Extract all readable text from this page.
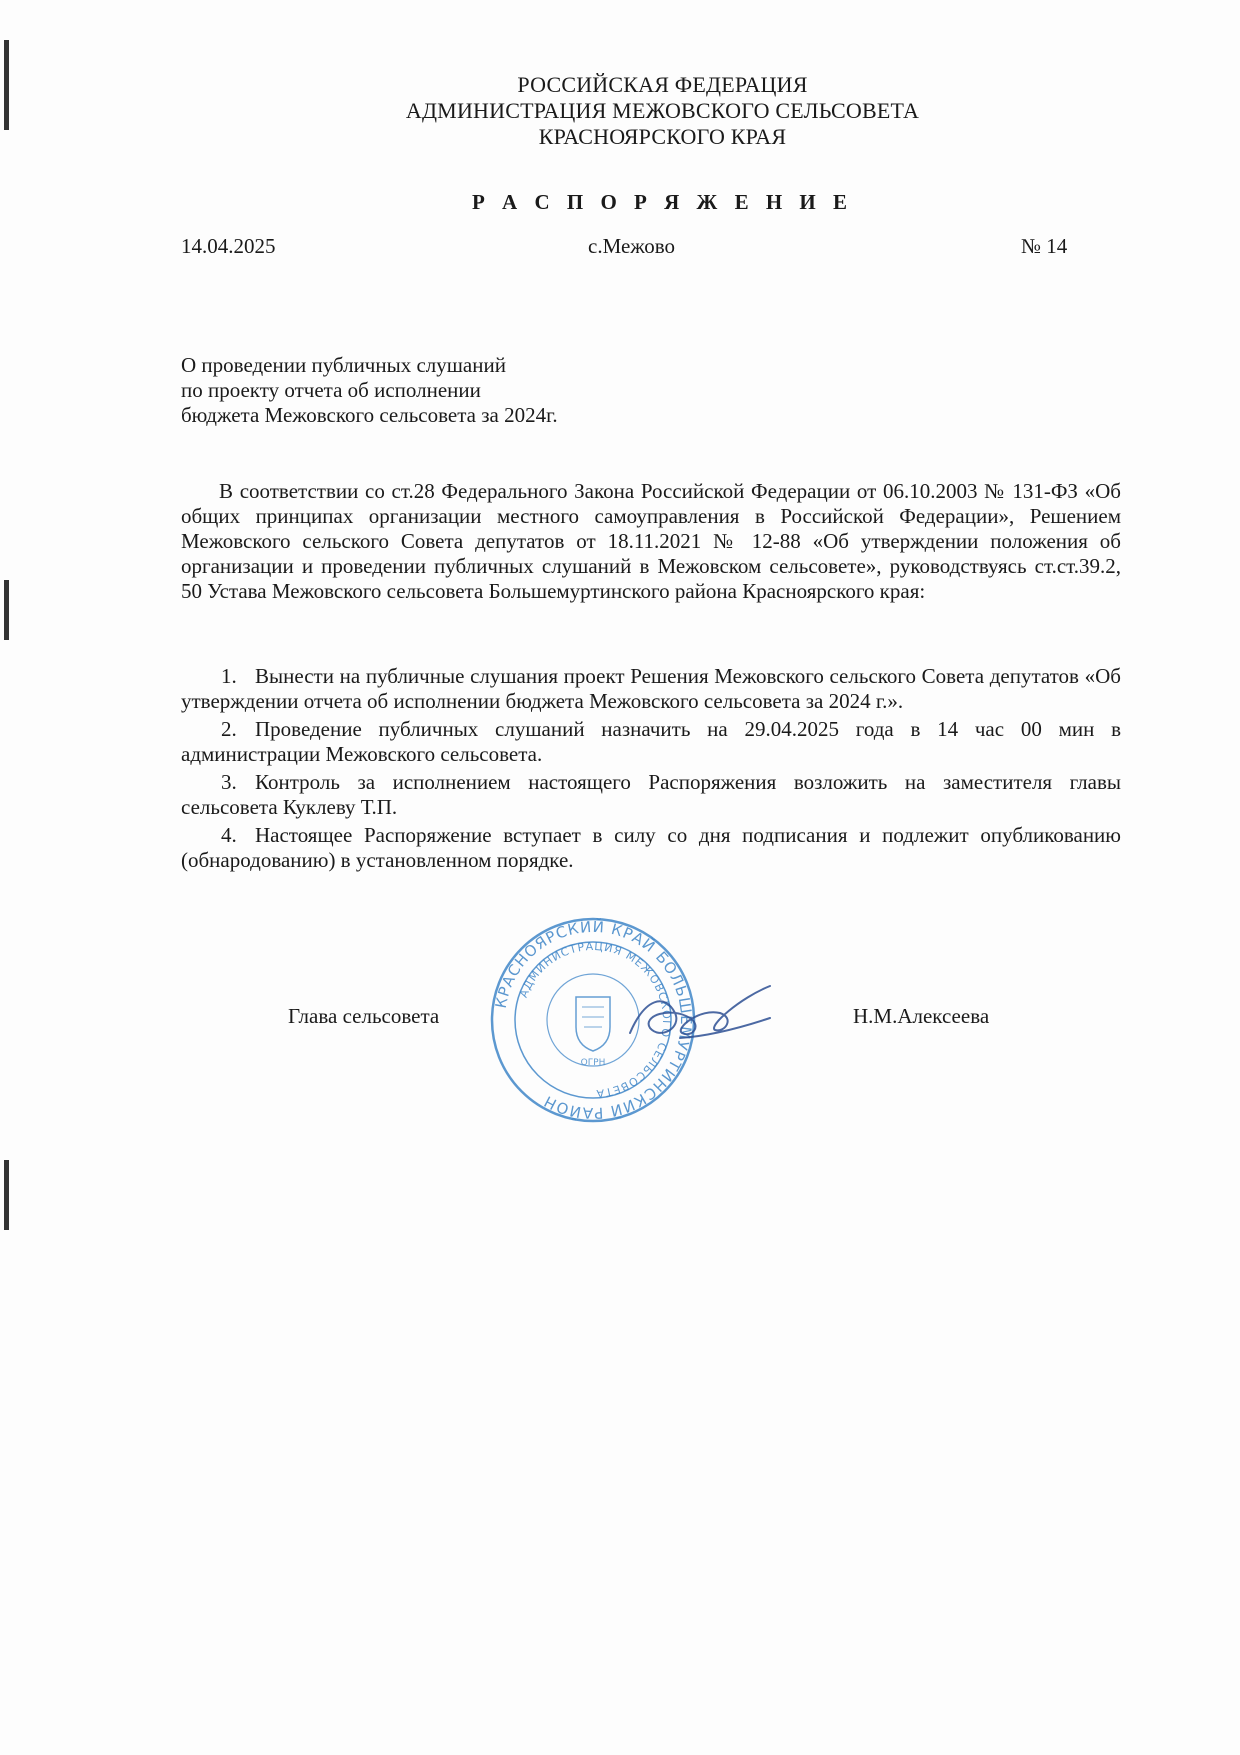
РОССИЙСКАЯ ФЕДЕРАЦИЯ
АДМИНИСТРАЦИЯ МЕЖОВСКОГО СЕЛЬСОВЕТА
КРАСНОЯРСКОГО КРАЯ
Р А С П О Р Я Ж Е Н И Е
14.04.2025	с.Межово	№ 14
О проведении публичных слушаний
по проекту отчета об исполнении
бюджета Межовского сельсовета за 2024г.

В соответствии со ст.28 Федерального Закона Российской Федерации от 06.10.2003 № 131-ФЗ «Об общих принципах организации местного самоуправления в Российской Федерации», Решением Межовского сельского Совета депутатов от 18.11.2021 № 12-88 «Об утверждении положения об организации и проведении публичных слушаний в Межовском сельсовете», руководствуясь ст.ст.39.2, 50 Устава Межовского сельсовета Большемуртинского района Красноярского края:

1. Вынести на публичные слушания проект Решения Межовского сельского Совета депутатов «Об утверждении отчета об исполнении бюджета Межовского сельсовета за 2024 г.».
2. Проведение публичных слушаний назначить на 29.04.2025 года в 14 час 00 мин в администрации Межовского сельсовета.
3. Контроль за исполнением настоящего Распоряжения возложить на заместителя главы сельсовета Куклеву Т.П.
4. Настоящее Распоряжение вступает в силу со дня подписания и подлежит опубликованию (обнародованию) в установленном порядке.
КРАСНОЯРСКИЙ КРАЙ БОЛЬШЕМУРТИНСКИЙ РАЙОН
АДМИНИСТРАЦИЯ МЕЖОВСКОГО СЕЛЬСОВЕТА
ОГРН
Глава сельсовета	Н.М.Алексеева
